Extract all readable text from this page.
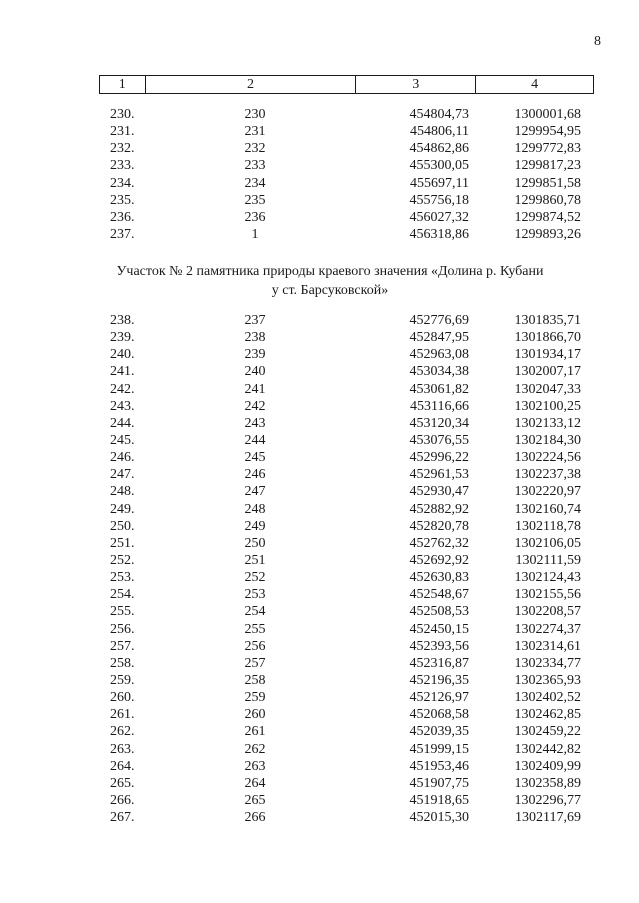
8
1	2	3	4
230.	230	454804,73	1300001,68
231.	231	454806,11	1299954,95
232.	232	454862,86	1299772,83
233.	233	455300,05	1299817,23
234.	234	455697,11	1299851,58
235.	235	455756,18	1299860,78
236.	236	456027,32	1299874,52
237.	1	456318,86	1299893,26
Участок № 2 памятника природы краевого значения «Долина р. Кубани
у ст. Барсуковской»
238.	237	452776,69	1301835,71
239.	238	452847,95	1301866,70
240.	239	452963,08	1301934,17
241.	240	453034,38	1302007,17
242.	241	453061,82	1302047,33
243.	242	453116,66	1302100,25
244.	243	453120,34	1302133,12
245.	244	453076,55	1302184,30
246.	245	452996,22	1302224,56
247.	246	452961,53	1302237,38
248.	247	452930,47	1302220,97
249.	248	452882,92	1302160,74
250.	249	452820,78	1302118,78
251.	250	452762,32	1302106,05
252.	251	452692,92	1302111,59
253.	252	452630,83	1302124,43
254.	253	452548,67	1302155,56
255.	254	452508,53	1302208,57
256.	255	452450,15	1302274,37
257.	256	452393,56	1302314,61
258.	257	452316,87	1302334,77
259.	258	452196,35	1302365,93
260.	259	452126,97	1302402,52
261.	260	452068,58	1302462,85
262.	261	452039,35	1302459,22
263.	262	451999,15	1302442,82
264.	263	451953,46	1302409,99
265.	264	451907,75	1302358,89
266.	265	451918,65	1302296,77
267.	266	452015,30	1302117,69
